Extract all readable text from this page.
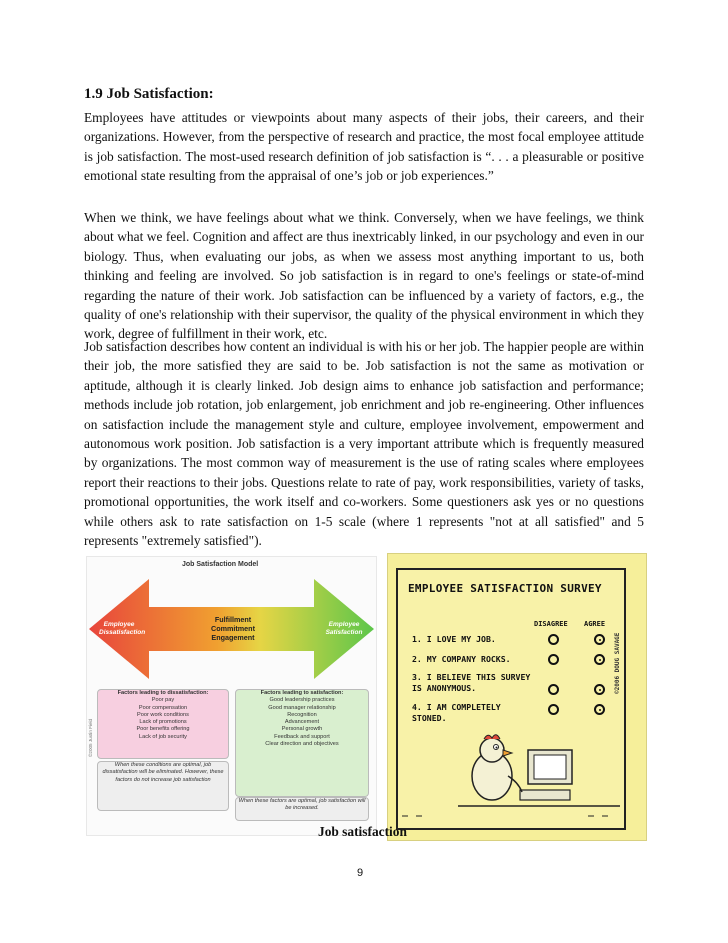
1.9 Job Satisfaction:

Employees have attitudes or viewpoints about many aspects of their jobs, their careers, and their organizations. However, from the perspective of research and practice, the most focal employee attitude is job satisfaction. The most-used research definition of job satisfaction is “. . . a pleasurable or positive emotional state resulting from the appraisal of one’s job or job experiences.”

When we think, we have feelings about what we think. Conversely, when we have feelings, we think about what we feel. Cognition and affect are thus inextricably linked, in our psychology and even in our biology. Thus, when evaluating our jobs, as when we assess most anything important to us, both thinking and feeling are involved. So job satisfaction is in regard to one's feelings or state-of-mind regarding the nature of their work. Job satisfaction can be influenced by a variety of factors, e.g., the quality of one's relationship with their supervisor, the quality of the physical environment in which they work, degree of fulfillment in their work, etc.

Job satisfaction describes how content an individual is with his or her job. The happier people are within their job, the more satisfied they are said to be. Job satisfaction is not the same as motivation or aptitude, although it is clearly linked. Job design aims to enhance job satisfaction and performance; methods include job rotation, job enlargement, job enrichment and job re-engineering. Other influences on satisfaction include the management style and culture, employee involvement, empowerment and autonomous work position. Job satisfaction is a very important attribute which is frequently measured by organizations. The most common way of measurement is the use of rating scales where employees report their reactions to their jobs. Questions relate to rate of pay, work responsibilities, variety of tasks, promotional opportunities, the work itself and co-workers. Some questioners ask yes or no questions while others ask to rate satisfaction on 1-5 scale (where 1 represents "not at all satisfied" and 5 represents "extremely satisfied").

Job Satisfaction Model
Employee Dissatisfaction
Employee Satisfaction
Fulfillment
Commitment
Engagement
Factors leading to dissatisfaction:
Poor pay
Poor compensation
Poor work conditions
Lack of promotions
Poor benefits offering
Lack of job security
Factors leading to satisfaction:
Good leadership practices
Good manager relationship
Recognition
Advancement
Personal growth
Feedback and support
Clear direction and objectives
When these conditions are optimal, job dissatisfaction will be eliminated. However, these factors do not increase job satisfaction
When these factors are optimal, job satisfaction will be increased.
©2005 Justin Field
EMPLOYEE SATISFACTION SURVEY
DISAGREE AGREE
1. I LOVE MY JOB.
2. MY COMPANY ROCKS.
3. I BELIEVE THIS SURVEY IS ANONYMOUS.
4. I AM COMPLETELY STONED.
©2006 DOUG SAVAGE
Job satisfaction
9
